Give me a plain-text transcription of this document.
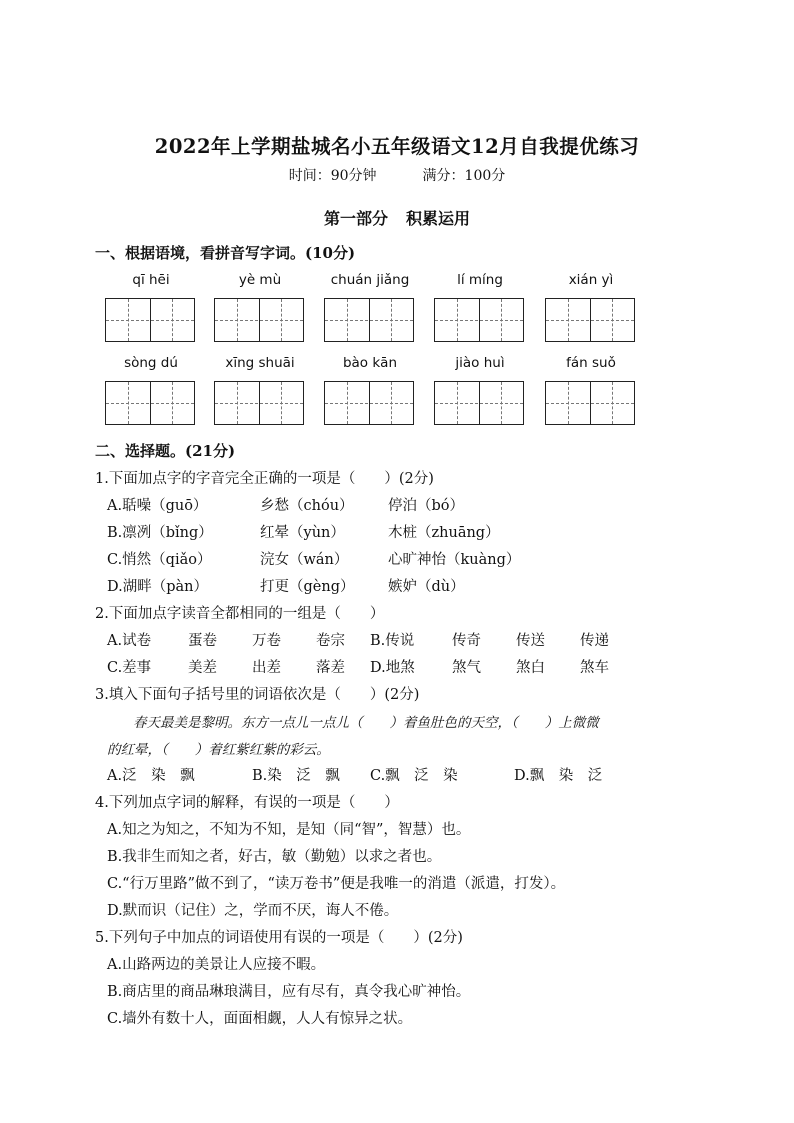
2022年上学期盐城名小五年级语文12月自我提优练习
时间：90分钟	满分：100分
第一部分 积累运用
一、根据语境，看拼音写字词。(10分)
qī hēi	yè mù	chuán jiǎng	lí míng	xián yì
sòng dú	xīng shuāi	bào kān	jiào huì	fán suǒ
二、选择题。(21分)
1.下面加点字的字音完全正确的一项是（　　）(2分)
A.聒噪（guō）	乡愁（chóu） 停泊（bó）
B.凛冽（bǐng）	红晕（yùn）	木桩（zhuāng）
C.悄然（qiǎo）	浣女（wán）	心旷神怡（kuàng）
D.湖畔（pàn）	打更（gèng） 嫉妒（dù）
2.下面加点字读音全都相同的一组是（　　）
A.试卷	蛋卷 万卷 卷宗 B.传说	传奇 传送 传递
C.差事	美差 出差 落差 D.地煞	煞气 煞白 煞车
3.填入下面句子括号里的词语依次是（　　）(2分)
春天最美是黎明。东方一点儿一点儿（　　）着鱼肚色的天空，（　　）上微微
的红晕，（　　）着红紫红紫的彩云。
A.泛　染　飘	B.染　泛　飘 C.飘　泛　染	D.飘　染　泛
4.下列加点字词的解释，有误的一项是（　　）
A.知之为知之，不知为不知，是知（同“智”，智慧）也。
B.我非生而知之者，好古，敏（勤勉）以求之者也。
C.“行万里路”做不到了，“读万卷书”便是我唯一的消遣（派遣，打发）。
D.默而识（记住）之，学而不厌，诲人不倦。
5.下列句子中加点的词语使用有误的一项是（　　）(2分)
A.山路两边的美景让人应接不暇。
B.商店里的商品琳琅满目，应有尽有，真令我心旷神怡。
C.墙外有数十人，面面相觑，人人有惊异之状。
